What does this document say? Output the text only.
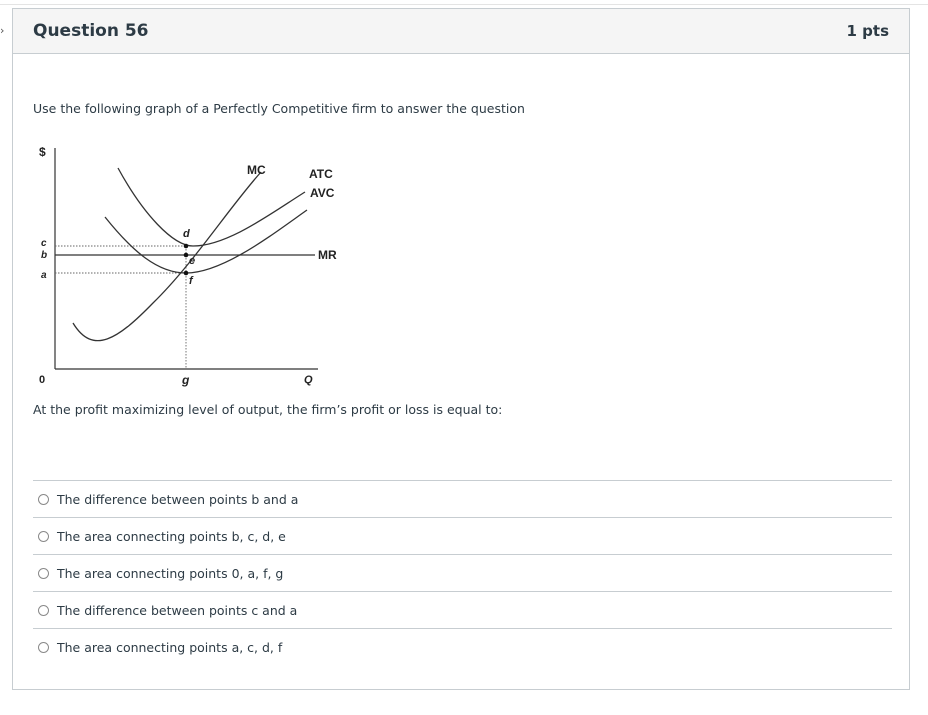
› Question 56	1 pts
Use the following graph of a Perfectly Competitive firm to answer the question
$
Q
0
MC	ATC
AVC
MR
c
b
a
d
e
f
g
At the profit maximizing level of output, the firm’s profit or loss is equal to:
The difference between points b and a
The area connecting points b, c, d, e
The area connecting points 0, a, f, g
The difference between points c and a
The area connecting points a, c, d, f
